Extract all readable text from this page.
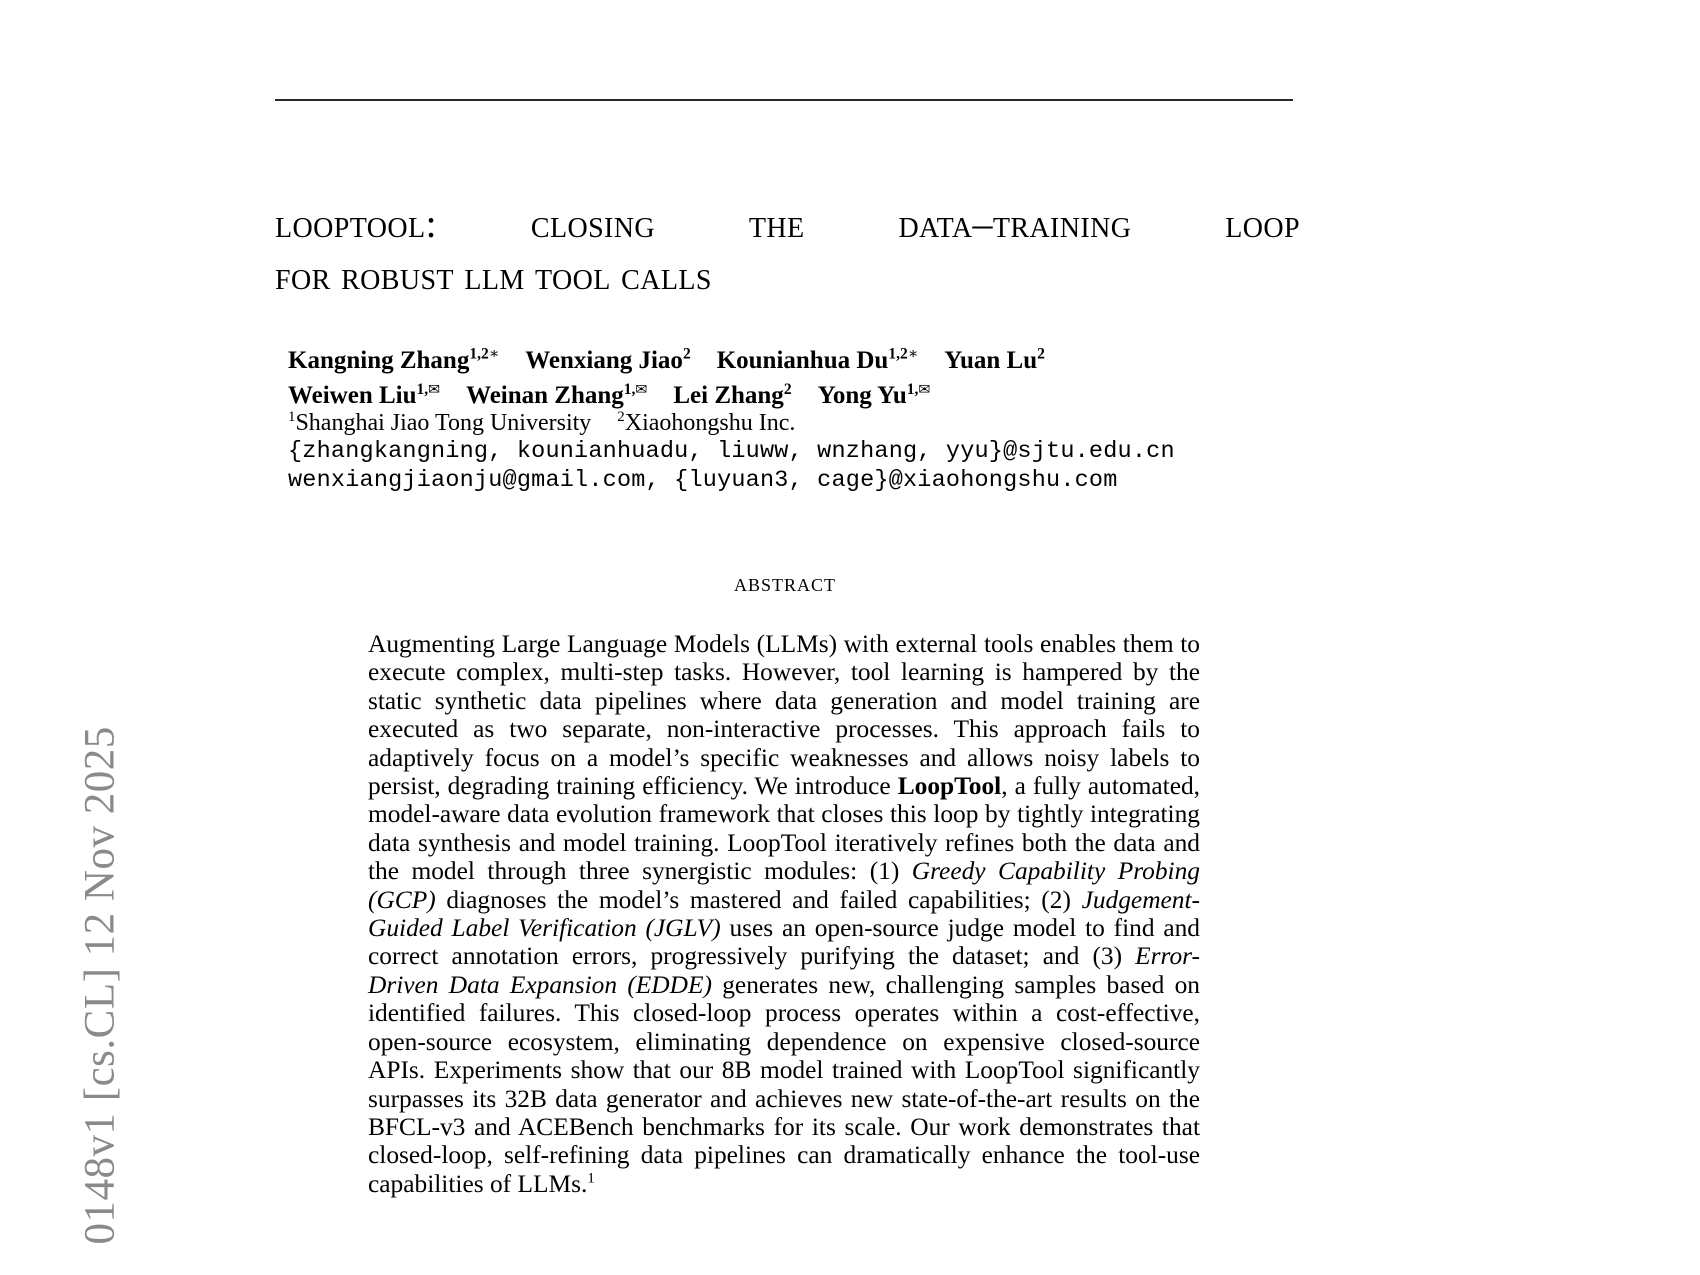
0148v1 [cs.CL] 12 Nov 2025
looptool: closing the data–training loop
for robust llm tool calls
Kangning Zhang$^{1,2∗}$ Wenxiang Jiao$^2$ Kounianhua $Du^{1,2∗}$ Yuan Lu$^2$
Weiwen Liu$^{1,✉}$ Weinan Zhang$^{1,✉}$ Lei Zhang$^2$ Yong $Yu^{1,✉}$
$^1$Shanghai Jiao Tong University $^2$Xiaohongshu Inc.
{zhangkangning, kounianhuadu, liuww, wnzhang, yyu}@sjtu.edu.cn
wenxiangjiaonju@gmail.com, {luyuan3, cage}@xiaohongshu.com
abstract
Augmenting Large Language Models (LLMs) with external tools enables them to execute complex, multi-step tasks. However, tool learning is hampered by the static synthetic data pipelines where data generation and model training are executed as two separate, non-interactive processes. This approach fails to adaptively focus on a model’s specific weaknesses and allows noisy labels to persist, degrading training efficiency. We introduce LoopTool, a fully automated, model-aware data evolution framework that closes this loop by tightly integrating data synthesis and model training. LoopTool iteratively refines both the data and the model through three synergistic modules: (1) Greedy Capability Probing (GCP) diagnoses the model’s mastered and failed capabilities; (2) Judgement-Guided Label Verification (JGLV) uses an open-source judge model to find and correct annotation errors, progressively purifying the dataset; and (3) Error-Driven Data Expansion (EDDE) generates new, challenging samples based on identified failures. This closed-loop process operates within a cost-effective, open-source ecosystem, eliminating dependence on expensive closed-source APIs. Experiments show that our 8B model trained with LoopTool significantly surpasses its 32B data generator and achieves new state-of-the-art results on the BFCL-v3 and ACEBench benchmarks for its scale. Our work demonstrates that closed-loop, self-refining data pipelines can dramatically enhance the tool-use capabilities of LLMs.$^1$
